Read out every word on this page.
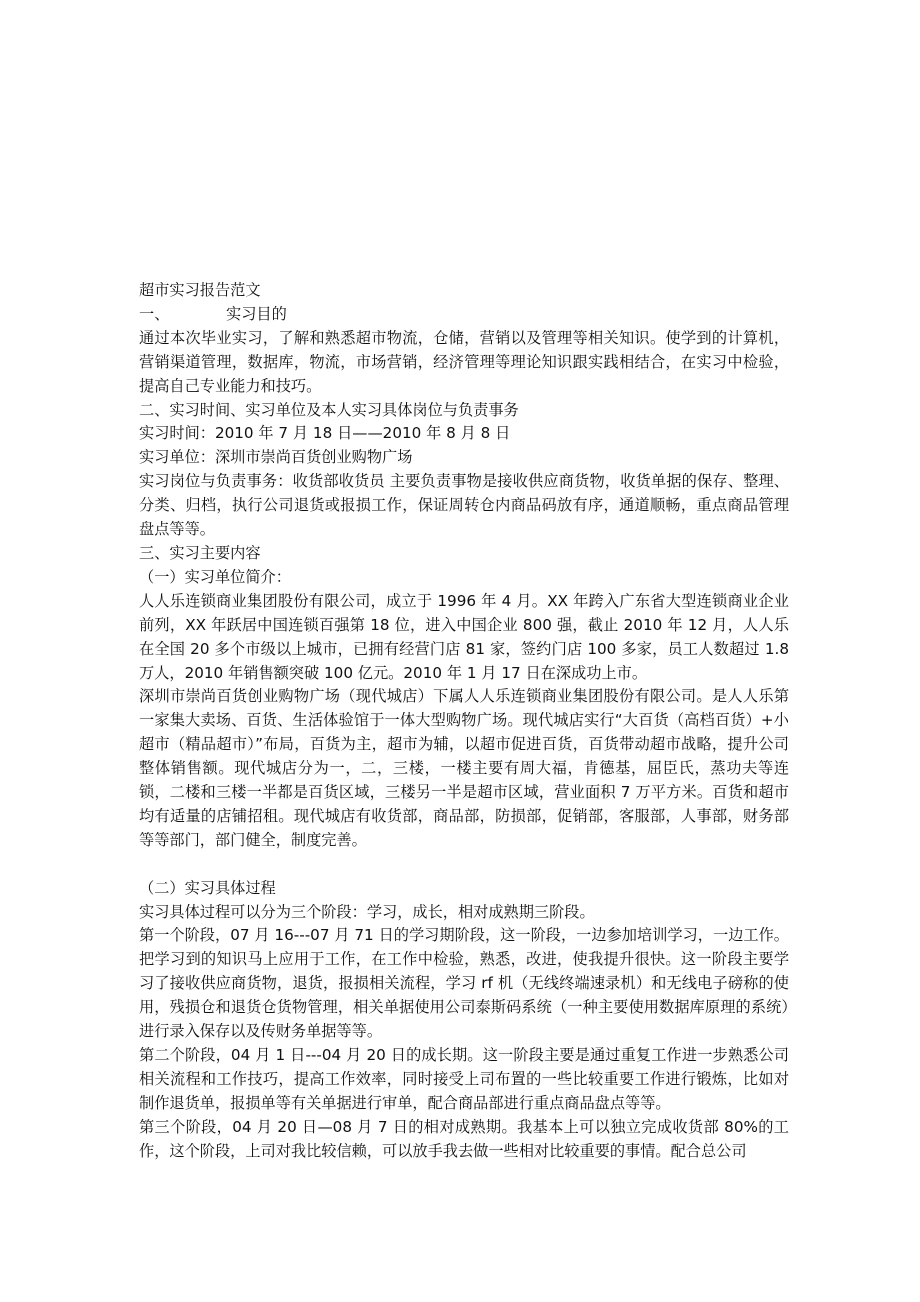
超市实习报告范文

一、	实习目的

通过本次毕业实习，了解和熟悉超市物流，仓储，营销以及管理等相关知识。使学到的计算机，营销渠道管理，数据库，物流，市场营销，经济管理等理论知识跟实践相结合，在实习中检验，提高自己专业能力和技巧。

二、实习时间、实习单位及本人实习具体岗位与负责事务

实习时间：2010 年 7 月 18 日——2010 年 8 月 8 日

实习单位：深圳市崇尚百货创业购物广场

实习岗位与负责事务：收货部收货员 主要负责事物是接收供应商货物，收货单据的保存、整理、分类、归档，执行公司退货或报损工作，保证周转仓内商品码放有序，通道顺畅，重点商品管理盘点等等。

三、实习主要内容

（一）实习单位简介：

人人乐连锁商业集团股份有限公司，成立于 1996 年 4 月。XX 年跨入广东省大型连锁商业企业前列，XX 年跃居中国连锁百强第 18 位，进入中国企业 800 强，截止 2010 年 12 月，人人乐在全国 20 多个市级以上城市，已拥有经营门店 81 家，签约门店 100 多家，员工人数超过 1.8 万人，2010 年销售额突破 100 亿元。2010 年 1 月 17 日在深成功上市。

深圳市崇尚百货创业购物广场（现代城店）下属人人乐连锁商业集团股份有限公司。是人人乐第一家集大卖场、百货、生活体验馆于一体大型购物广场。现代城店实行“大百货（高档百货）+小超市（精品超市）”布局，百货为主，超市为辅，以超市促进百货，百货带动超市战略，提升公司整体销售额。现代城店分为一，二，三楼，一楼主要有周大福，肯德基，屈臣氏，蒸功夫等连锁，二楼和三楼一半都是百货区域，三楼另一半是超市区域，营业面积 7 万平方米。百货和超市均有适量的店铺招租。现代城店有收货部，商品部，防损部，促销部，客服部，人事部，财务部等等部门，部门健全，制度完善。

（二）实习具体过程

实习具体过程可以分为三个阶段：学习，成长，相对成熟期三阶段。

第一个阶段，07 月 16---07 月 71 日的学习期阶段，这一阶段，一边参加培训学习，一边工作。把学习到的知识马上应用于工作，在工作中检验，熟悉，改进，使我提升很快。这一阶段主要学习了接收供应商货物，退货，报损相关流程，学习 rf 机（无线终端速录机）和无线电子磅称的使用，残损仓和退货仓货物管理，相关单据使用公司泰斯码系统（一种主要使用数据库原理的系统）进行录入保存以及传财务单据等等。

第二个阶段，04 月 1 日---04 月 20 日的成长期。这一阶段主要是通过重复工作进一步熟悉公司相关流程和工作技巧，提高工作效率，同时接受上司布置的一些比较重要工作进行锻炼，比如对制作退货单，报损单等有关单据进行审单，配合商品部进行重点商品盘点等等。

第三个阶段，04 月 20 日—08 月 7 日的相对成熟期。我基本上可以独立完成收货部 80%的工作，这个阶段，上司对我比较信赖，可以放手我去做一些相对比较重要的事情。配合总公司
